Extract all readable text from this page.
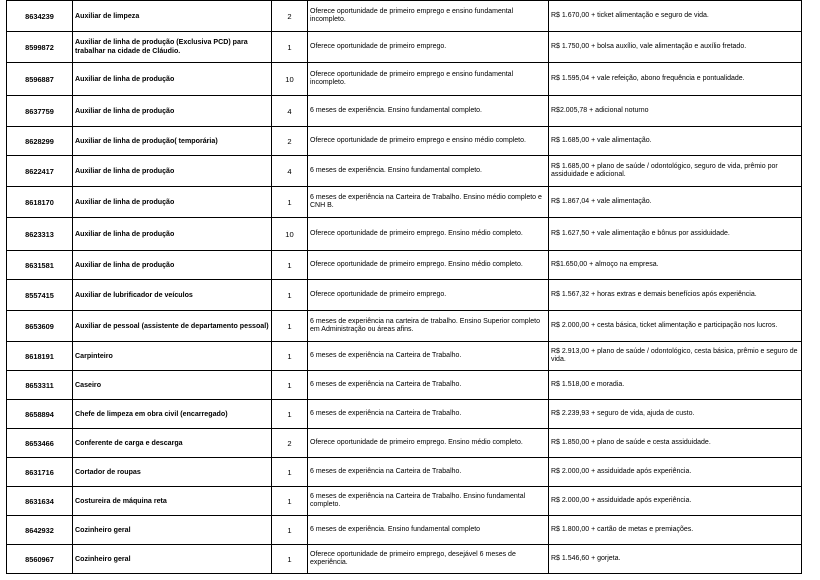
8634239	Auxiliar de limpeza	2	Oferece oportunidade de primeiro emprego e ensino fundamental incompleto.	R$ 1.670,00 + ticket alimentação e seguro de vida.
8599872	Auxiliar de linha de produção (Exclusiva PCD) para trabalhar na cidade de Cláudio.	1	Oferece oportunidade de primeiro emprego.	R$ 1.750,00 + bolsa auxílio, vale alimentação e auxílio fretado.
8596887	Auxiliar de linha de produção	10	Oferece oportunidade de primeiro emprego e ensino fundamental incompleto.	R$ 1.595,04 + vale refeição, abono frequência e pontualidade.
8637759	Auxiliar de linha de produção	4	6 meses de experiência. Ensino fundamental completo.	R$2.005,78 + adicional noturno
8628299	Auxiliar de linha de produção( temporária)	2	Oferece oportunidade de primeiro emprego e ensino médio completo.	R$ 1.685,00 + vale alimentação.
8622417	Auxiliar de linha de produção	4	6 meses de experiência. Ensino fundamental completo.	R$ 1.685,00 + plano de saúde / odontológico, seguro de vida, prêmio por assiduidade e adicional.
8618170	Auxiliar de linha de produção	1	6 meses de experiência na Carteira de Trabalho. Ensino médio completo e CNH B.	R$ 1.867,04 + vale alimentação.
8623313	Auxiliar de linha de produção	10	Oferece oportunidade de primeiro emprego. Ensino médio completo.	R$ 1.627,50 + vale alimentação e bônus por assiduidade.
8631581	Auxiliar de linha de produção	1	Oferece oportunidade de primeiro emprego. Ensino médio completo.	R$1.650,00 + almoço na empresa.
8557415	Auxiliar de lubrificador de veículos	1	Oferece oportunidade de primeiro emprego.	R$ 1.567,32 + horas extras e demais benefícios após experiência.
8653609	Auxiliar de pessoal (assistente de departamento pessoal)	1	6 meses de experiência na carteira de trabalho. Ensino Superior completo em Administração ou áreas afins.	R$ 2.000,00 + cesta básica, ticket alimentação e participação nos lucros.
8618191	Carpinteiro	1	6 meses de experiência na Carteira de Trabalho.	R$ 2.913,00 + plano de saúde / odontológico, cesta básica, prêmio e seguro de vida.
8653311	Caseiro	1	6 meses de experiência na Carteira de Trabalho.	R$ 1.518,00 e moradia.
8658894	Chefe de limpeza em obra civil (encarregado)	1	6 meses de experiência na Carteira de Trabalho.	R$ 2.239,93 + seguro de vida, ajuda de custo.
8653466	Conferente de carga e descarga	2	Oferece oportunidade de primeiro emprego. Ensino médio completo.	R$ 1.850,00 + plano de saúde e cesta assiduidade.
8631716	Cortador de roupas	1	6 meses de experiência na Carteira de Trabalho.	R$ 2.000,00 + assiduidade após experiência.
8631634	Costureira de máquina reta	1	6 meses de experiência na Carteira de Trabalho. Ensino fundamental completo.	R$ 2.000,00 + assiduidade após experiência.
8642932	Cozinheiro geral	1	6 meses de experiência. Ensino fundamental completo	R$ 1.800,00 + cartão de metas e premiações.
8560967	Cozinheiro geral	1	Oferece oportunidade de primeiro emprego, desejável 6 meses de experiência.	R$ 1.546,60 + gorjeta.
